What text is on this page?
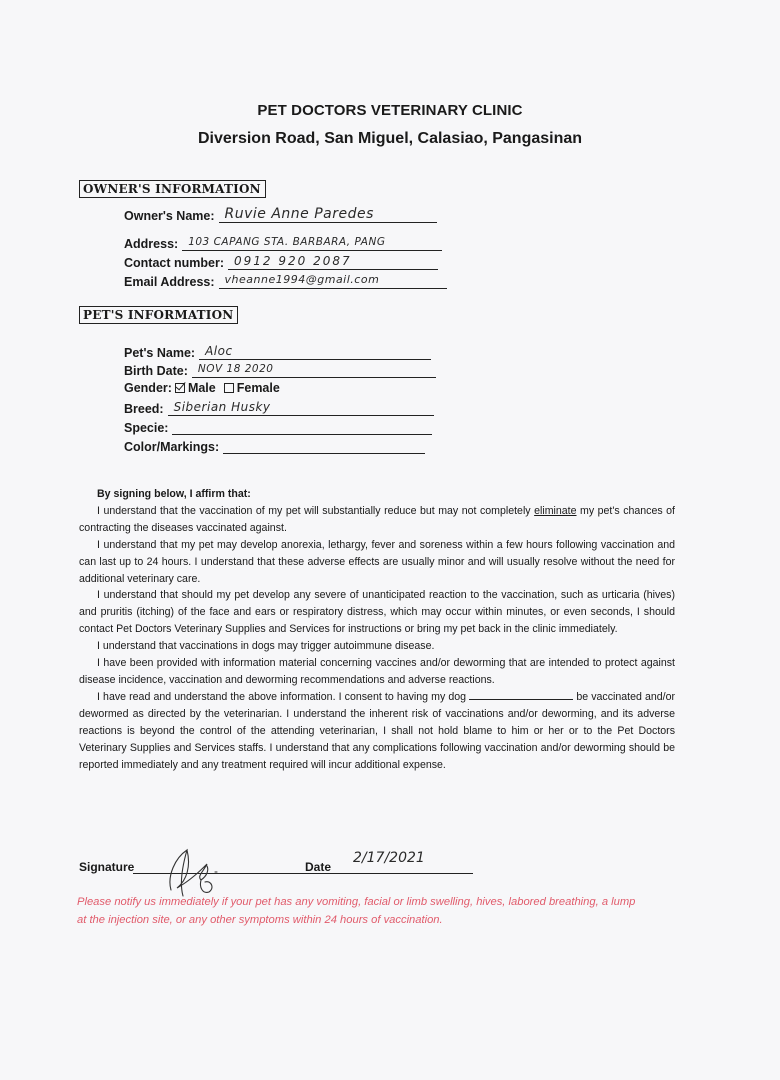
PET DOCTORS VETERINARY CLINIC
Diversion Road, San Miguel, Calasiao, Pangasinan
OWNER'S INFORMATION
Owner's Name: Ruvie Anne Paredes
Address: 103 CAPANG STA. BARBARA, PANG
Contact number: 0912 920 2087
Email Address: vheanne1994@gmail.com
PET'S INFORMATION
Pet's Name: Aloc
Birth Date: NOV 18 2020
Gender: Male Female
Breed: Siberian Husky
Specie:
Color/Markings:

By signing below, I affirm that:

I understand that the vaccination of my pet will substantially reduce but may not completely eliminate my pet's chances of contracting the diseases vaccinated against.

I understand that my pet may develop anorexia, lethargy, fever and soreness within a few hours following vaccination and can last up to 24 hours. I understand that these adverse effects are usually minor and will usually resolve without the need for additional veterinary care.

I understand that should my pet develop any severe of unanticipated reaction to the vaccination, such as urticaria (hives) and pruritis (itching) of the face and ears or respiratory distress, which may occur within minutes, or even seconds, I should contact Pet Doctors Veterinary Supplies and Services for instructions or bring my pet back in the clinic immediately.

I understand that vaccinations in dogs may trigger autoimmune disease.

I have been provided with information material concerning vaccines and/or deworming that are intended to protect against disease incidence, vaccination and deworming recommendations and adverse reactions.

I have read and understand the above information. I consent to having my dog	be vaccinated and/or dewormed as directed by the veterinarian. I understand the inherent risk of vaccinations and/or deworming, and its adverse reactions is beyond the control of the attending veterinarian, I shall not hold blame to him or her or to the Pet Doctors Veterinary Supplies and Services staffs. I understand that any complications following vaccination and/or deworming should be reported immediately and any treatment required will incur additional expense.

Signature	Date
2/17/2021
Please notify us immediately if your pet has any vomiting, facial or limb swelling, hives, labored breathing, a lump at the injection site, or any other symptoms within 24 hours of vaccination.
